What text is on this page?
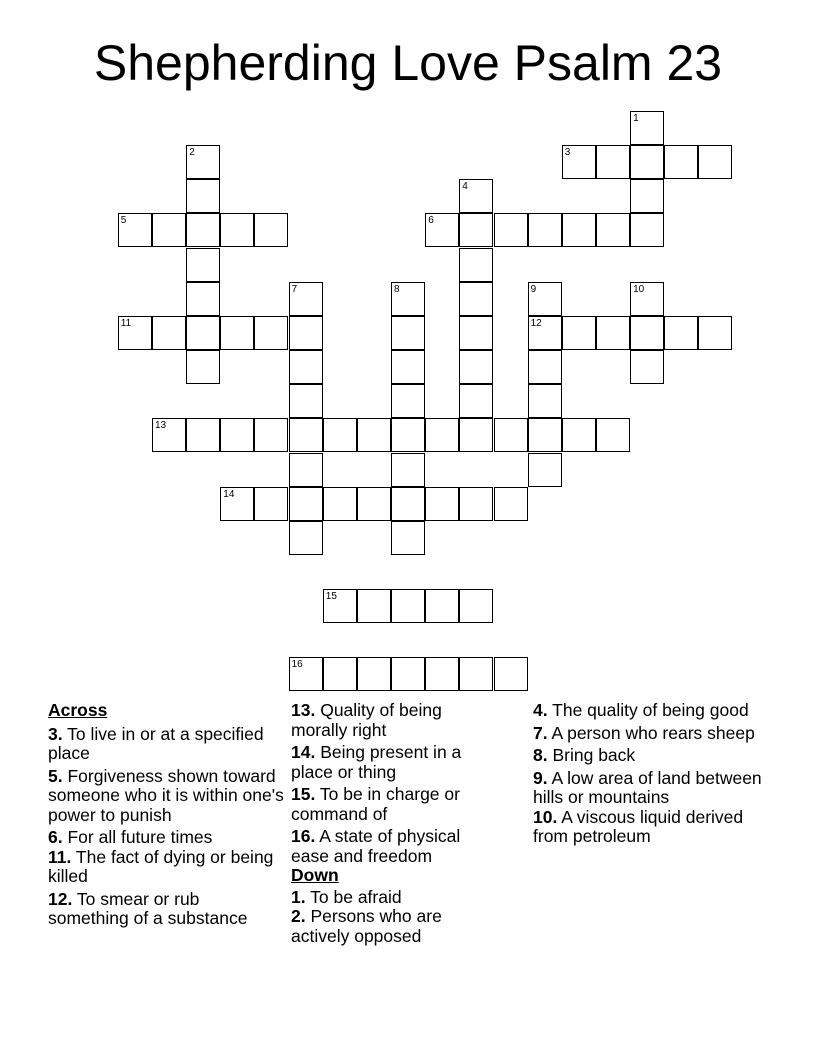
Shepherding Love Psalm 23
1
2	3
4
5	6
7	8	9	10
11	12
13
14
15
16
Across
3. To live in or at a specified place
5. Forgiveness shown toward someone who it is within one's power to punish
6. For all future times
11. The fact of dying or being killed
12. To smear or rub something of a substance
13. Quality of being morally right
14. Being present in a place or thing
15. To be in charge or command of
16. A state of physical ease and freedom
Down
1. To be afraid
2. Persons who are actively opposed
4. The quality of being good
7. A person who rears sheep
8. Bring back
9. A low area of land between hills or mountains
10. A viscous liquid derived from petroleum
